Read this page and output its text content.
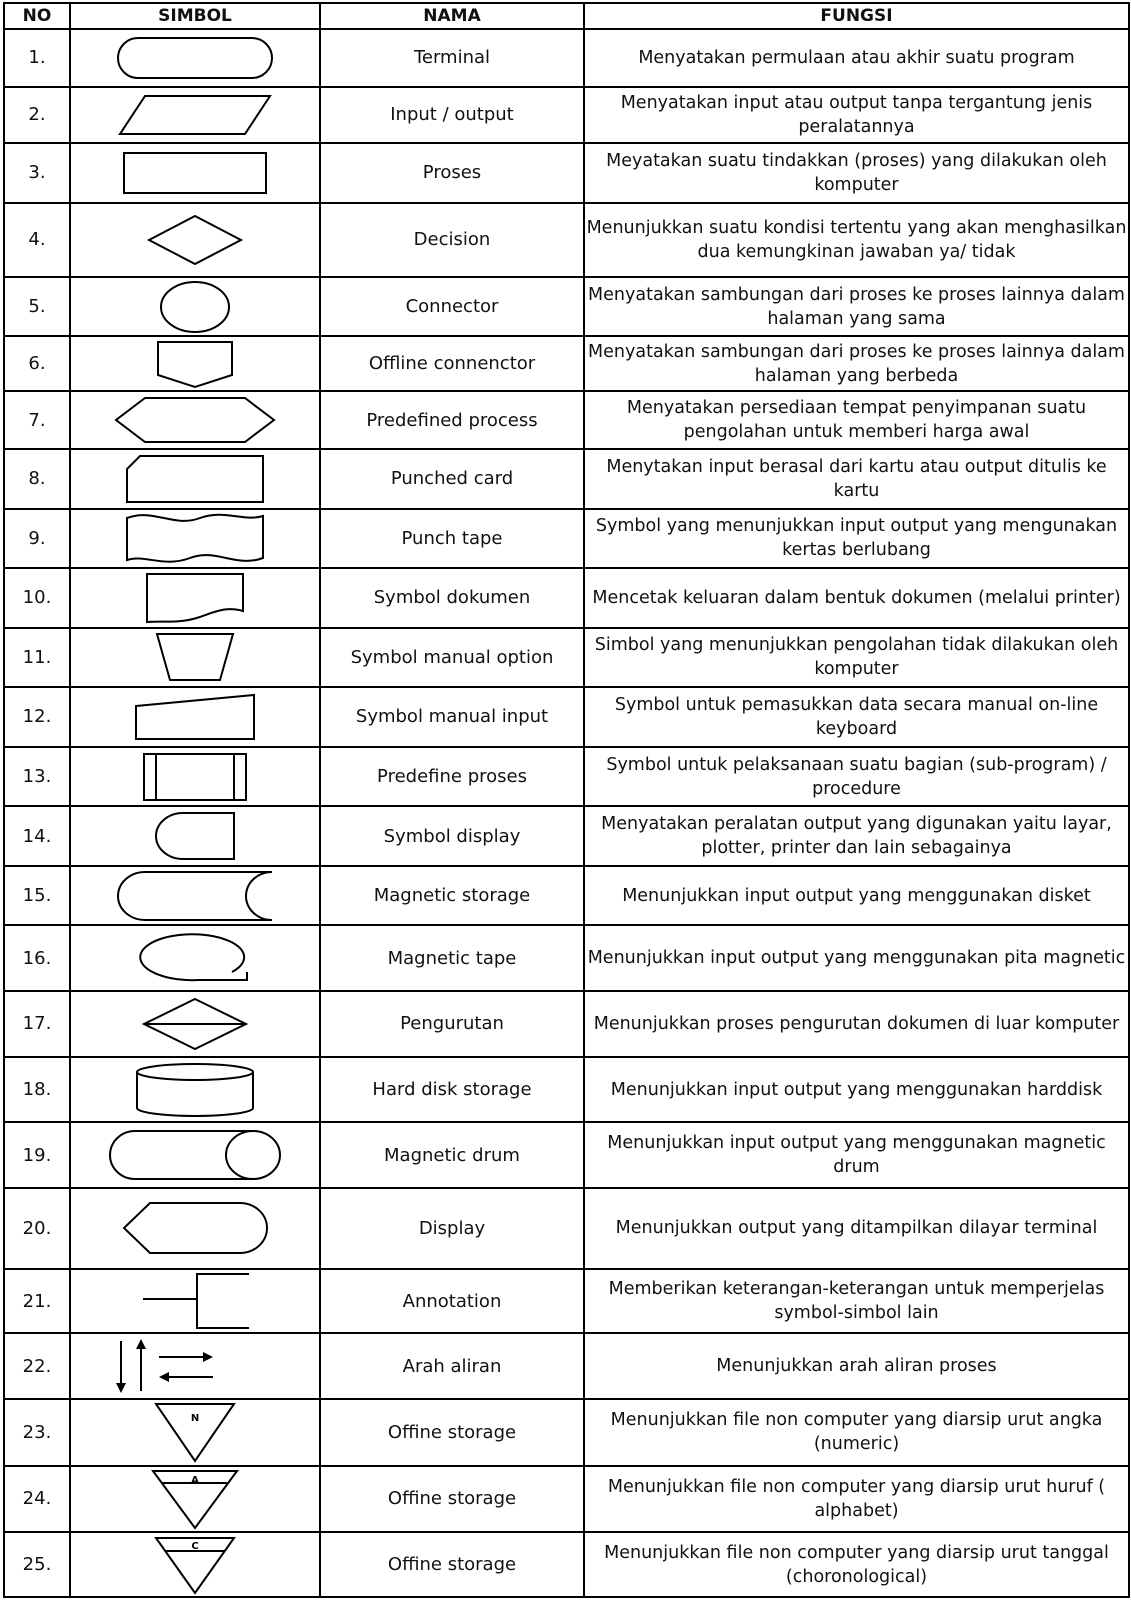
NO	SIMBOL	NAMA	FUNGSI
1.		Terminal	Menyatakan permulaan atau akhir suatu program
2.		Input / output	Menyatakan input atau output tanpa tergantung jenis peralatannya
3.		Proses	Meyatakan suatu tindakkan (proses) yang dilakukan oleh komputer
4.		Decision	Menunjukkan suatu kondisi tertentu yang akan menghasilkan dua kemungkinan jawaban ya/ tidak
5.		Connector	Menyatakan sambungan dari proses ke proses lainnya dalam halaman yang sama
6.		Offline connenctor	Menyatakan sambungan dari proses ke proses lainnya dalam halaman yang berbeda
7.		Predefined process	Menyatakan persediaan tempat penyimpanan suatu pengolahan untuk memberi harga awal
8.		Punched card	Menytakan input berasal dari kartu atau output ditulis ke kartu
9.		Punch tape	Symbol yang menunjukkan input output yang mengunakan kertas berlubang
10.		Symbol dokumen	Mencetak keluaran dalam bentuk dokumen (melalui printer)
11.		Symbol manual option	Simbol yang menunjukkan pengolahan tidak dilakukan oleh komputer
12.		Symbol manual input	Symbol untuk pemasukkan data secara manual on-line keyboard
13.		Predefine proses	Symbol untuk pelaksanaan suatu bagian (sub-program) / procedure
14.		Symbol display	Menyatakan peralatan output yang digunakan yaitu layar, plotter, printer dan lain sebagainya
15.		Magnetic storage	Menunjukkan input output yang menggunakan disket
16.		Magnetic tape	Menunjukkan input output yang menggunakan pita magnetic
17.		Pengurutan	Menunjukkan proses pengurutan dokumen di luar komputer
18.		Hard disk storage	Menunjukkan input output yang menggunakan harddisk
19.		Magnetic drum	Menunjukkan input output yang menggunakan magnetic drum
20.		Display	Menunjukkan output yang ditampilkan dilayar terminal
21.		Annotation	Memberikan keterangan-keterangan untuk memperjelas symbol-simbol lain
22.		Arah aliran	Menunjukkan arah aliran proses
23.	N	Offine storage	Menunjukkan file non computer yang diarsip urut angka (numeric)
24.	A	Offine storage	Menunjukkan file non computer yang diarsip urut huruf ( alphabet)
25.	C	Offine storage	Menunjukkan file non computer yang diarsip urut tanggal (choronological)
